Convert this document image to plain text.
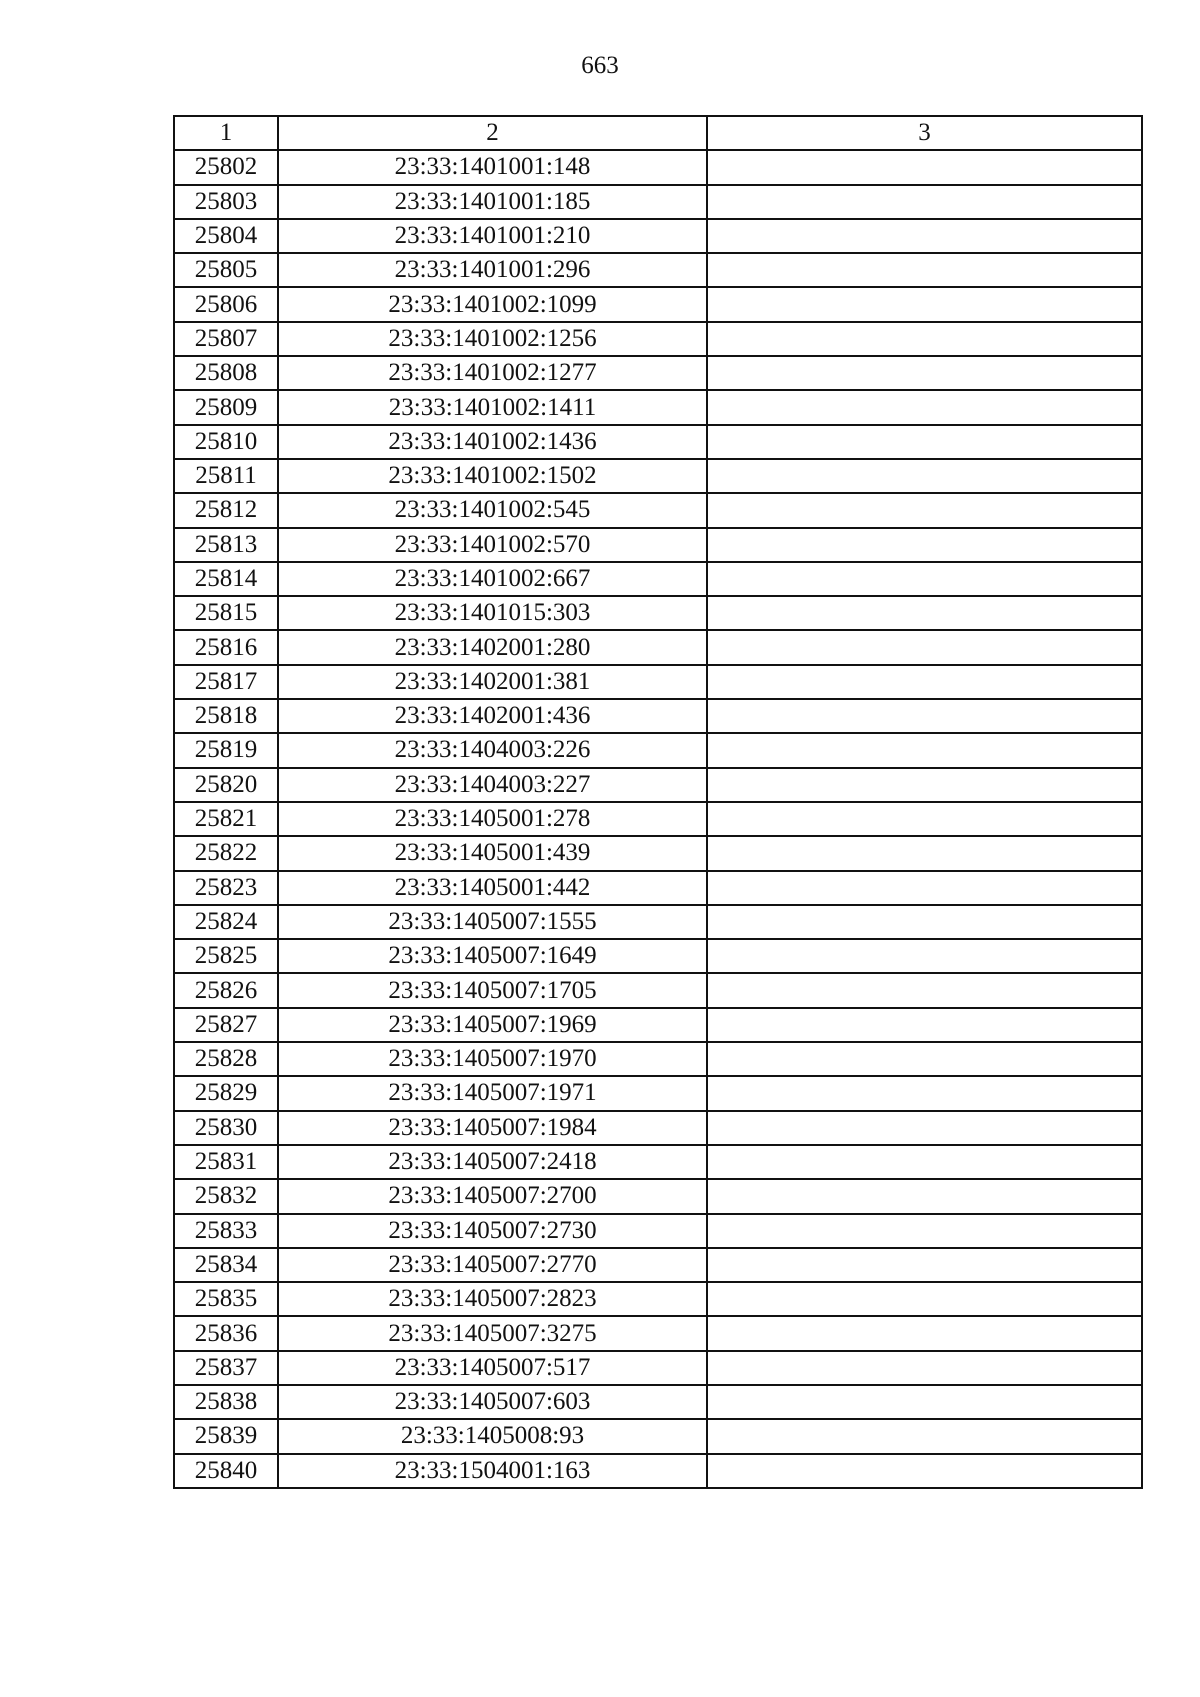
663
1	2	3
25802	23:33:1401001:148	
25803	23:33:1401001:185	
25804	23:33:1401001:210	
25805	23:33:1401001:296	
25806	23:33:1401002:1099	
25807	23:33:1401002:1256	
25808	23:33:1401002:1277	
25809	23:33:1401002:1411	
25810	23:33:1401002:1436	
25811	23:33:1401002:1502	
25812	23:33:1401002:545	
25813	23:33:1401002:570	
25814	23:33:1401002:667	
25815	23:33:1401015:303	
25816	23:33:1402001:280	
25817	23:33:1402001:381	
25818	23:33:1402001:436	
25819	23:33:1404003:226	
25820	23:33:1404003:227	
25821	23:33:1405001:278	
25822	23:33:1405001:439	
25823	23:33:1405001:442	
25824	23:33:1405007:1555	
25825	23:33:1405007:1649	
25826	23:33:1405007:1705	
25827	23:33:1405007:1969	
25828	23:33:1405007:1970	
25829	23:33:1405007:1971	
25830	23:33:1405007:1984	
25831	23:33:1405007:2418	
25832	23:33:1405007:2700	
25833	23:33:1405007:2730	
25834	23:33:1405007:2770	
25835	23:33:1405007:2823	
25836	23:33:1405007:3275	
25837	23:33:1405007:517	
25838	23:33:1405007:603	
25839	23:33:1405008:93	
25840	23:33:1504001:163	
